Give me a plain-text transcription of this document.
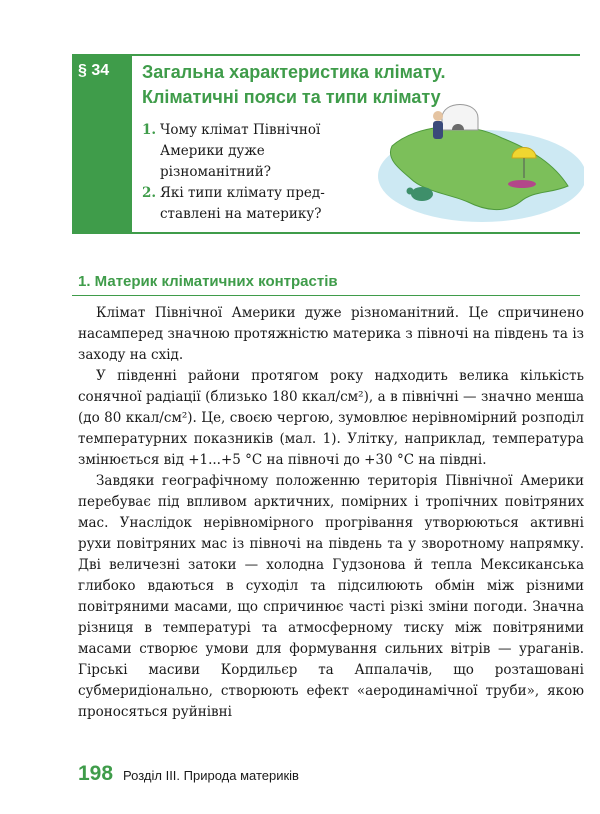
§ 34 Загальна характеристика клімату.
Кліматичні пояси та типи клімату
1. Чому клімат Північної
Америки дуже
різноманітний?
2. Які типи клімату пред-
ставлені на материку?
1. Материк кліматичних контрастів

Клімат Північної Америки дуже різноманітний. Це спричинено насамперед значною протяжністю материка з півночі на південь та із заходу на схід.

У південні райони протягом року надходить велика кількість сонячної радіації (близько 180 ккал/см²), а в північні — значно менша (до 80 ккал/см²). Це, своєю чергою, зумовлює нерівномірний розподіл температурних показників (мал. 1). Улітку, наприклад, температура змінюється від +1...+5 °С на півночі до +30 °С на півдні.

Завдяки географічному положенню територія Північної Америки перебуває під впливом арктичних, помірних і тропічних повітряних мас. Унаслідок нерівномірного прогрівання утворюються активні рухи повітряних мас із півночі на південь та у зворотному напрямку. Дві величезні затоки — холодна Гудзонова й тепла Мексиканська глибоко вдаються в суходіл та підсилюють обмін між різними повітряними масами, що спричинює часті різкі зміни погоди. Значна різниця в температурі та атмосферному тиску між повітряними масами створює умови для формування сильних вітрів — ураганів. Гірські масиви Кордильєр та Аппалачів, що розташовані субмеридіонально, створюють ефект «аеродинамічної труби», якою проносяться руйнівні

198 Розділ ІІІ. Природа материків
